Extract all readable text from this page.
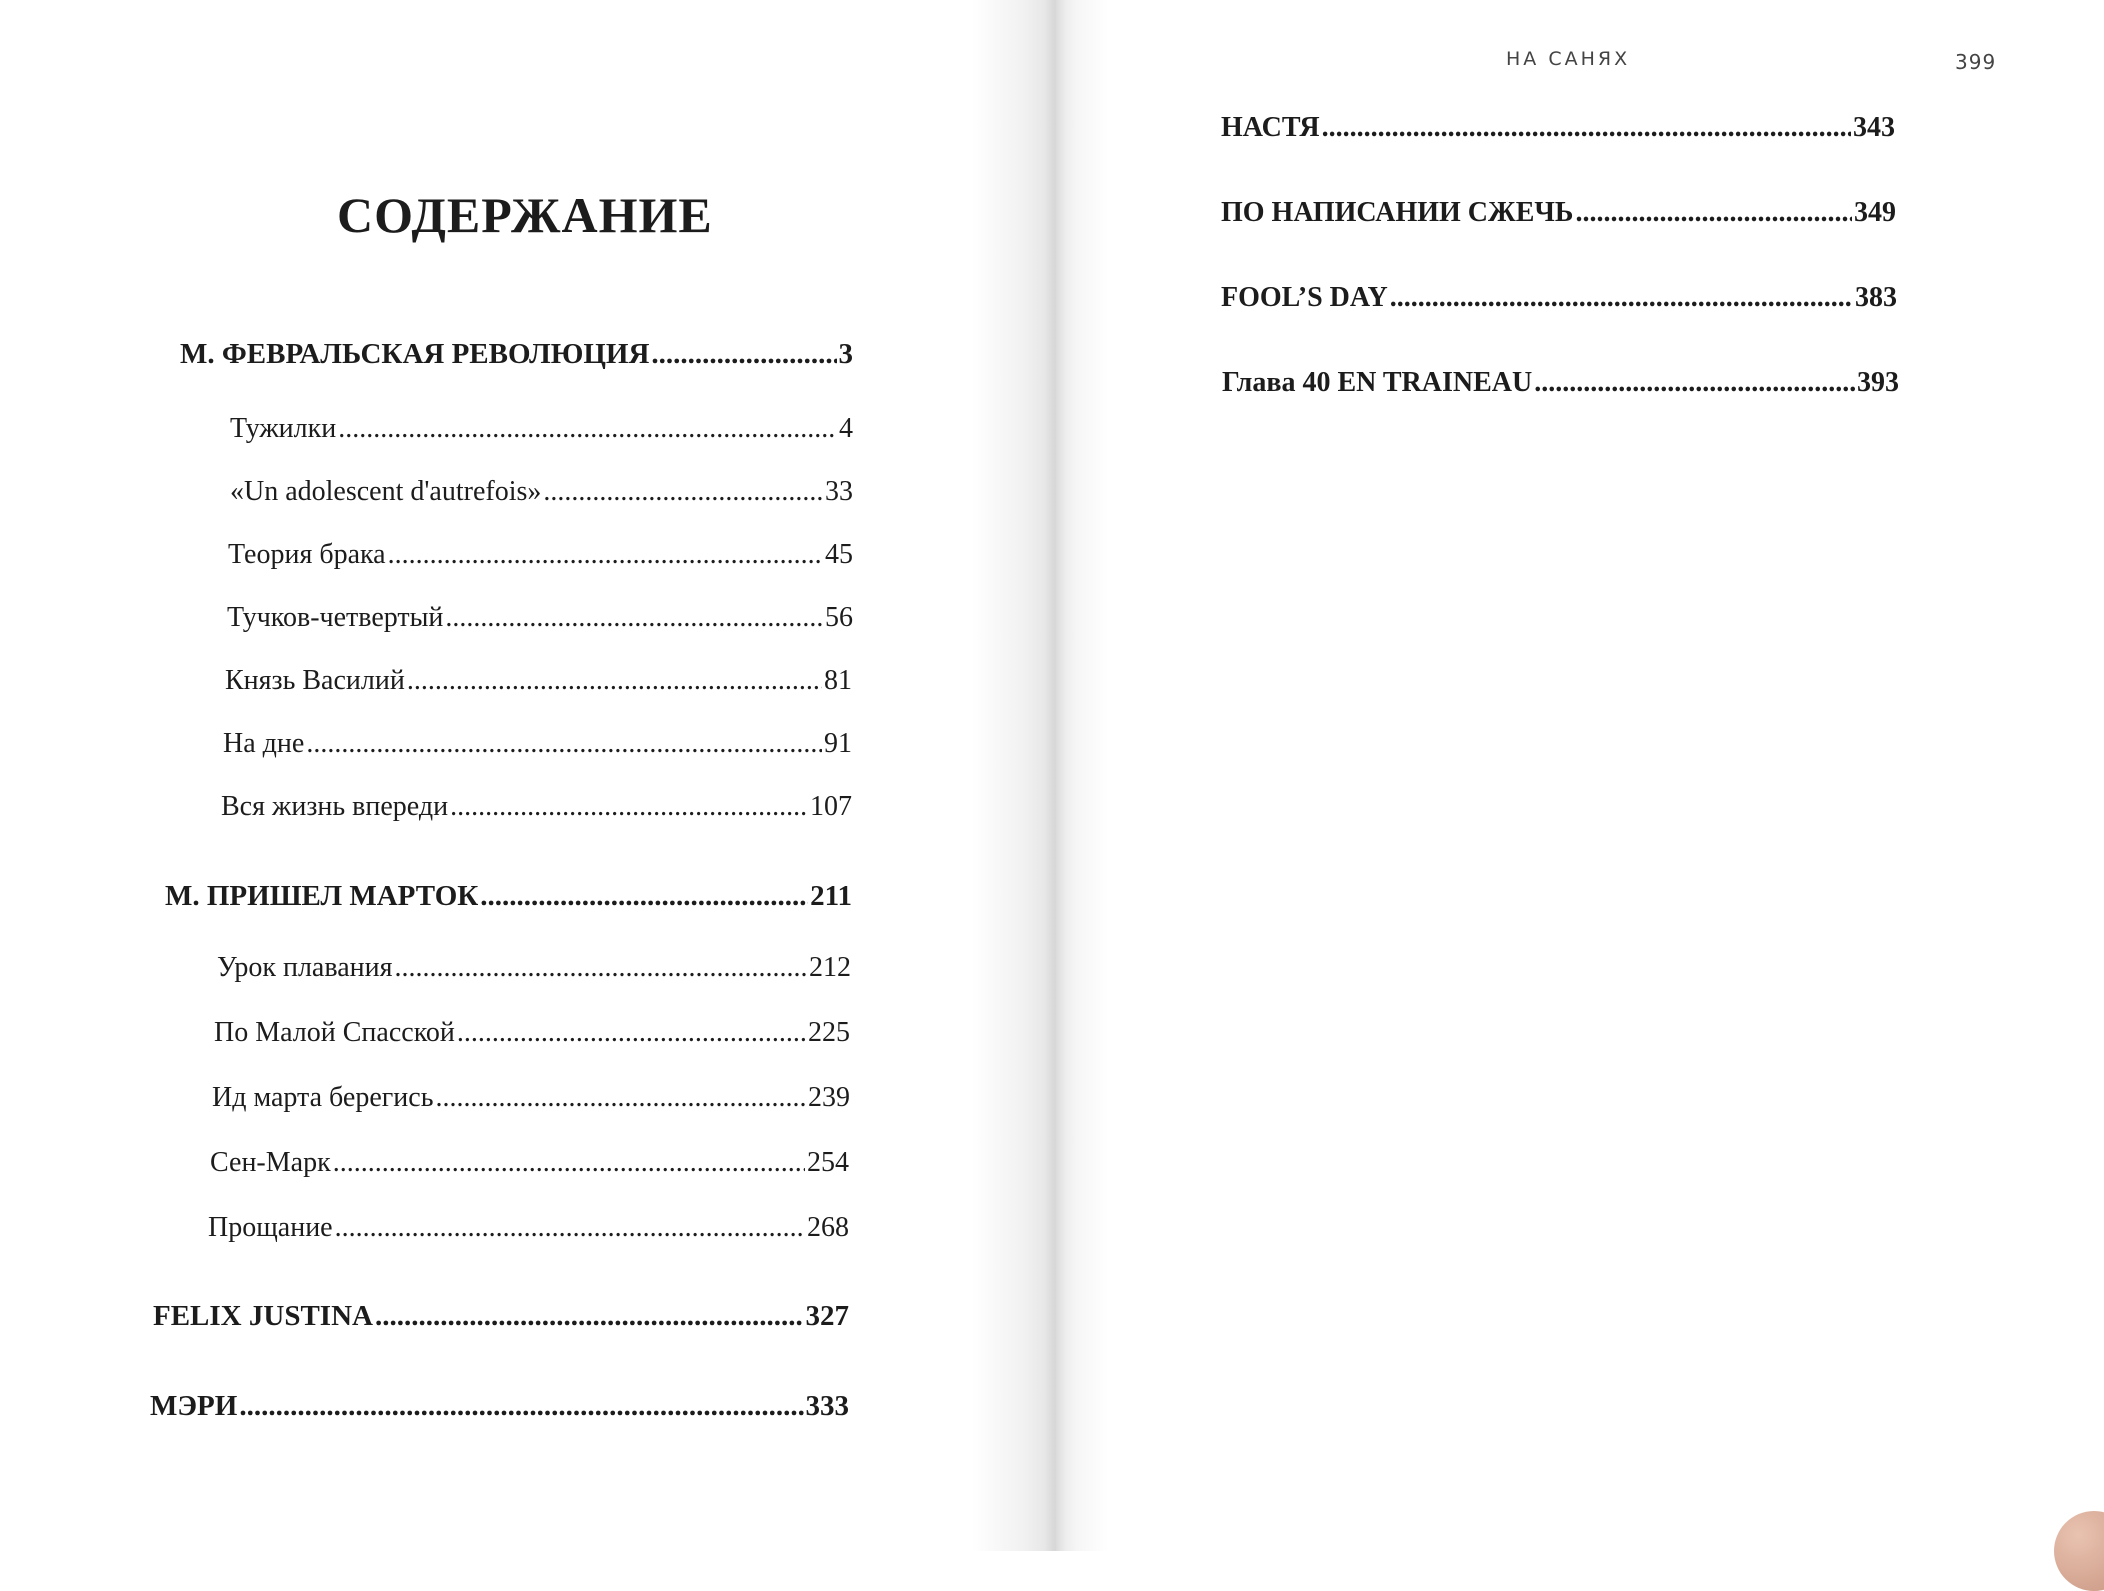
СОДЕРЖАНИЕ
M. ФЕВРАЛЬСКАЯ РЕВОЛЮЦИЯ .....	3
Тужилки .....	4
«Un adolescent d'autrefois» .....	33
Теория брака .....	45
Тучков-четвертый .....	56
Князь Василий .....	81
На дне .....	91
Вся жизнь впереди .....	107
M. ПРИШЕЛ МАРТОК .....	211
Урок плавания .....	212
По Малой Спасской .....	225
Ид марта берегись .....	239
Сен-Марк .....	254
Прощание .....	268
FELIX JUSTINA .....	327
МЭРИ .....	333
НА САНЯХ	399
НАСТЯ .....	343
ПО НАПИСАНИИ СЖЕЧЬ .....	349
FOOL’S DAY .....	383
Глава 40 EN TRAINEAU .....	393
